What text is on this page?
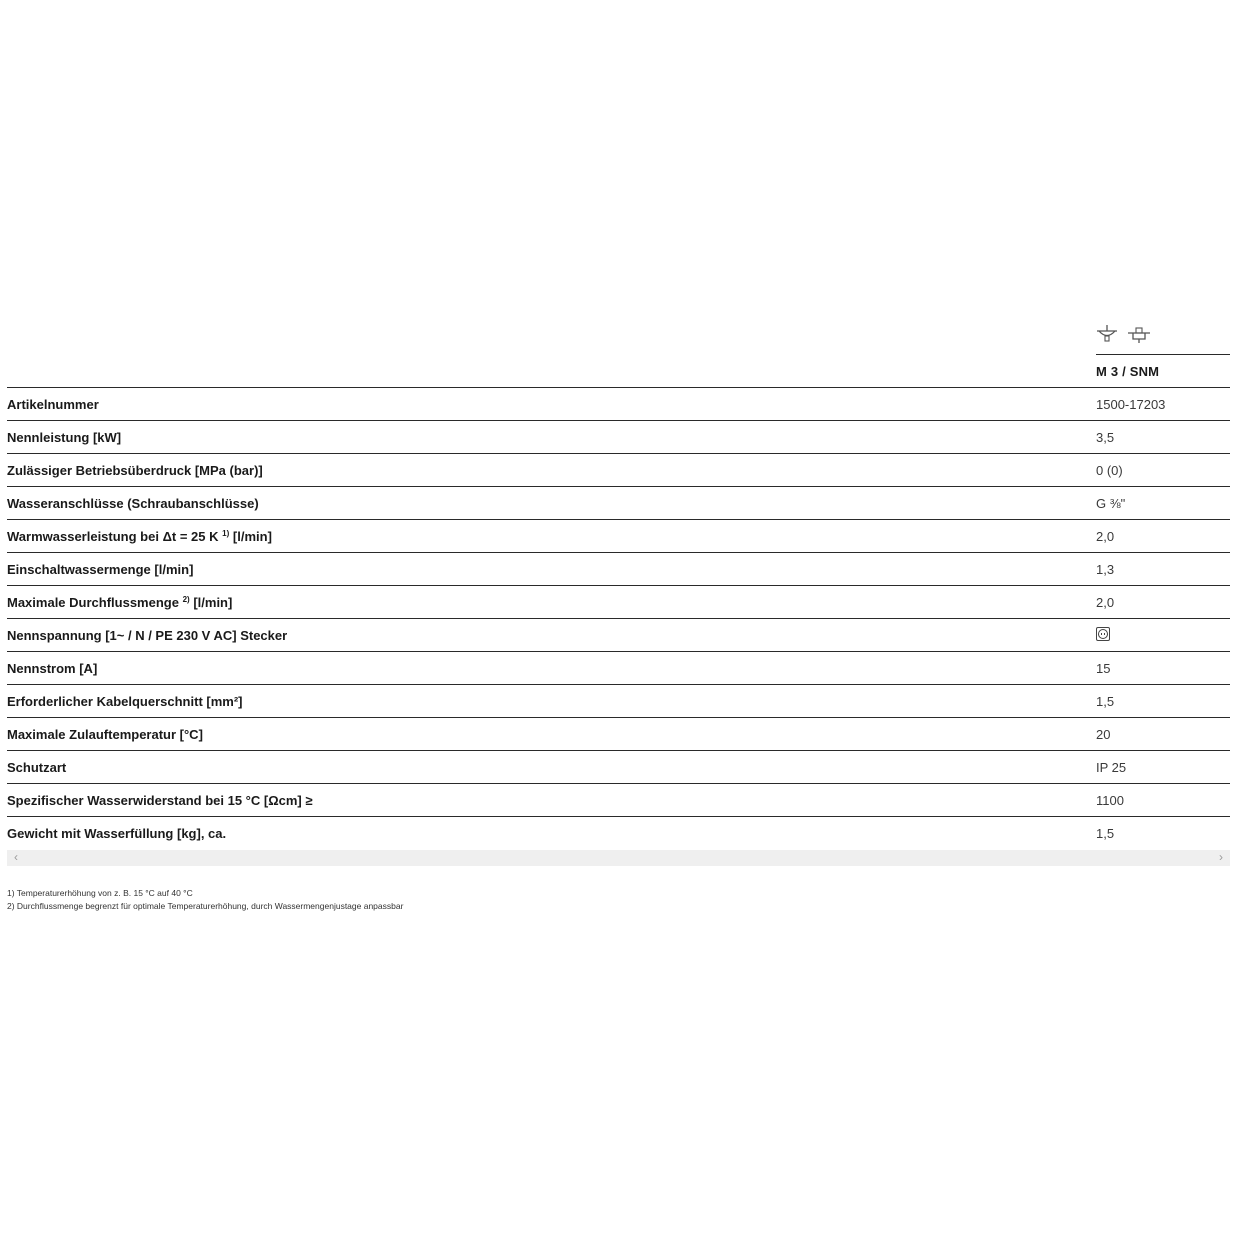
M 3 / SNM
Artikelnummer	1500-17203
Nennleistung [kW]	3,5
Zulässiger Betriebsüberdruck [MPa (bar)]	0 (0)
Wasseranschlüsse (Schraubanschlüsse)	G ⅜"
Warmwasserleistung bei Δt = 25 K $^{1)}$ [l/min]	2,0
Einschaltwassermenge [l/min]	1,3
Maximale Durchflussmenge $^{2)}$ [l/min]	2,0
Nennspannung [1~ / N / PE 230 V AC] Stecker	
Nennstrom [A]	15
Erforderlicher Kabelquerschnitt [mm²]	1,5
Maximale Zulauftemperatur [°C]	20
Schutzart	IP 25
Spezifischer Wasserwiderstand bei 15 °C [Ωcm] ≥	1100
Gewicht mit Wasserfüllung [kg], ca.	1,5
‹	›
1) Temperaturerhöhung von z. B. 15 °C auf 40 °C
2) Durchflussmenge begrenzt für optimale Temperaturerhöhung, durch Wassermengenjustage anpassbar
